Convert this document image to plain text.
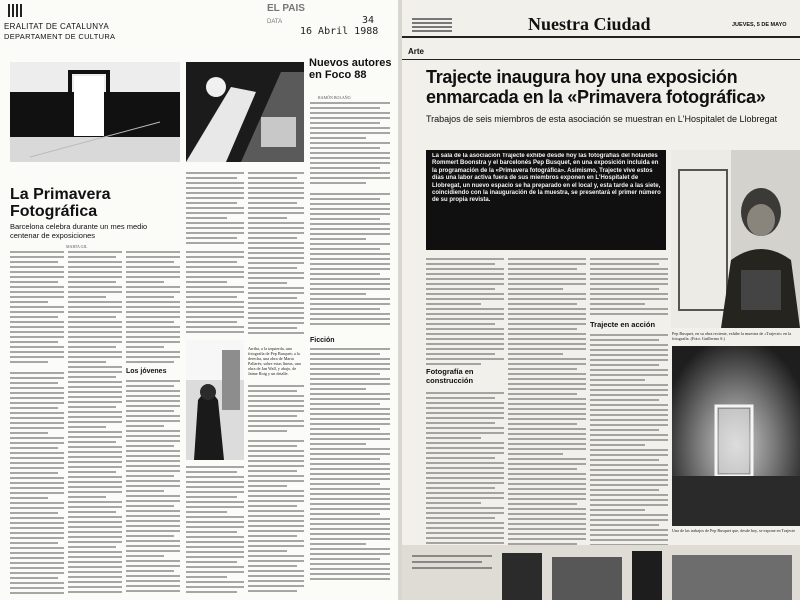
ERALITAT DE CATALUNYA
DEPARTAMENT DE CULTURA
EL PAIS
DATA
16 Abril 1988
34
Nuevos autores en Foco 88
RAMÓN BOLAÑO
Ficción
La Primavera Fotográfica
Barcelona celebra durante un mes medio centenar de exposiciones
MARTA GIL
Los jóvenes
Arriba, a la izquierda, una fotografía de Pep Busquet; a la derecha, una obra de Marta Pallarés; sobre estas líneas, una obra de Jan Wall, y abajo, de Jaime Roig y un detalle.
Nuestra Ciudad	JUEVES, 5 DE MAYO
Arte
Trajecte inaugura hoy una exposición enmarcada en la «Primavera fotográfica»
Trabajos de seis miembros de esta asociación se muestran en L'Hospitalet de Llobregat
La sala de la asociación Trajecte exhibe desde hoy las fotografías del holandés Rommert Boonstra y el barcelonés Pep Busquet, en una exposición incluida en la programación de la «Primavera fotográfica». Asimismo, Trajecte vive estos días una labor activa fuera de sus miembros exponen en L'Hospitalet de Llobregat, un nuevo espacio se ha preparado en el local y, esta tarde a las siete, coincidiendo con la inauguración de la muestra, se presentará el primer número de su propia revista.
Fotografía en construcción
Trajecte en acción
Pep Busquet, en su obra reciente, exhibe la muestra de «Trajecte» en la fotografía. (Foto: Guillermo S.)
Una de las trabajos de Pep Busquet que, desde hoy, se expone en Trajecte
